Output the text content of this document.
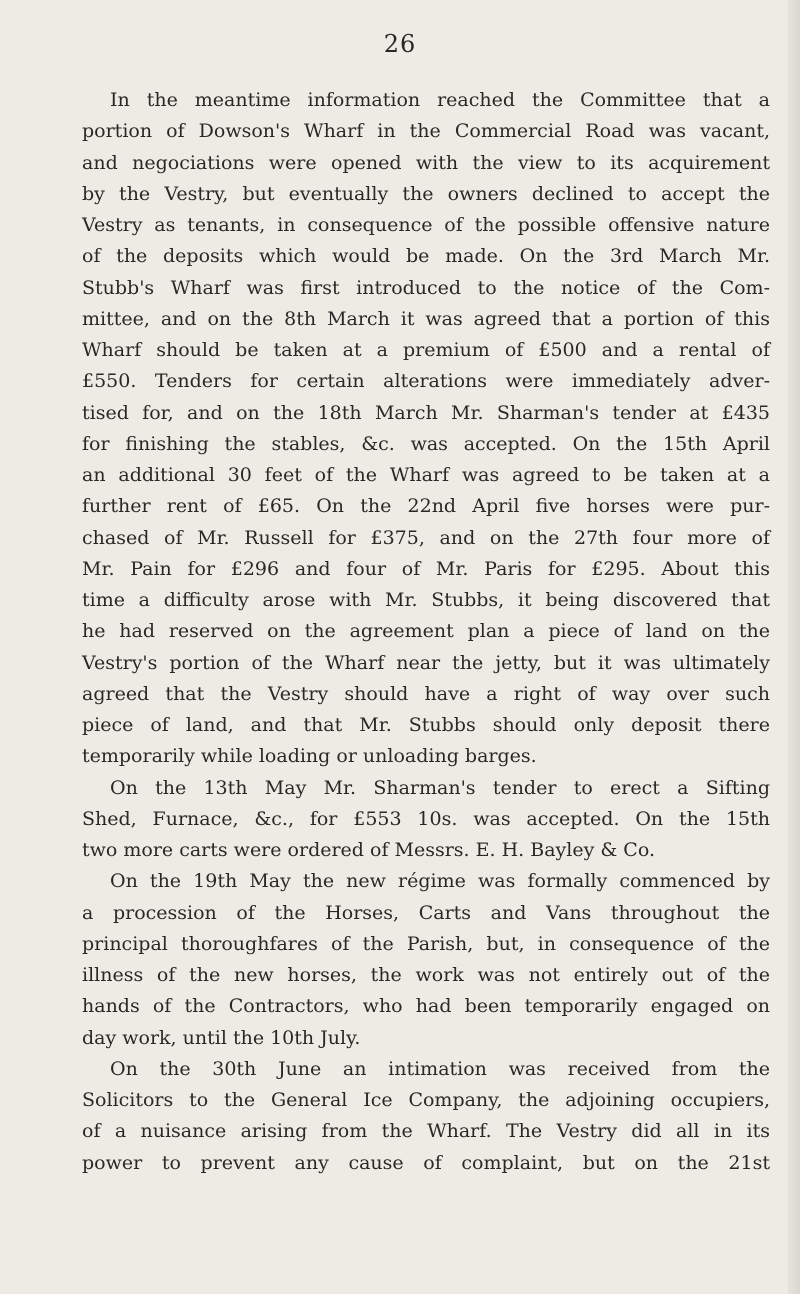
26
In the meantime information reached the Committee that a
portion of Dowson's Wharf in the Commercial Road was vacant,
and negociations were opened with the view to its acquirement
by the Vestry, but eventually the owners declined to accept the
Vestry as tenants, in consequence of the possible offensive nature
of the deposits which would be made. On the 3rd March Mr.
Stubb's Wharf was first introduced to the notice of the Com-
mittee, and on the 8th March it was agreed that a portion of this
Wharf should be taken at a premium of £500 and a rental of
£550. Tenders for certain alterations were immediately adver-
tised for, and on the 18th March Mr. Sharman's tender at £435
for finishing the stables, &c. was accepted. On the 15th April
an additional 30 feet of the Wharf was agreed to be taken at a
further rent of £65. On the 22nd April five horses were pur-
chased of Mr. Russell for £375, and on the 27th four more of
Mr. Pain for £296 and four of Mr. Paris for £295. About this
time a difficulty arose with Mr. Stubbs, it being discovered that
he had reserved on the agreement plan a piece of land on the
Vestry's portion of the Wharf near the jetty, but it was ultimately
agreed that the Vestry should have a right of way over such
piece of land, and that Mr. Stubbs should only deposit there
temporarily while loading or unloading barges.
On the 13th May Mr. Sharman's tender to erect a Sifting
Shed, Furnace, &c., for £553 10s. was accepted. On the 15th
two more carts were ordered of Messrs. E. H. Bayley & Co.
On the 19th May the new régime was formally commenced by
a procession of the Horses, Carts and Vans throughout the
principal thoroughfares of the Parish, but, in consequence of the
illness of the new horses, the work was not entirely out of the
hands of the Contractors, who had been temporarily engaged on
day work, until the 10th July.
On the 30th June an intimation was received from the
Solicitors to the General Ice Company, the adjoining occupiers,
of a nuisance arising from the Wharf. The Vestry did all in its
power to prevent any cause of complaint, but on the 21st
